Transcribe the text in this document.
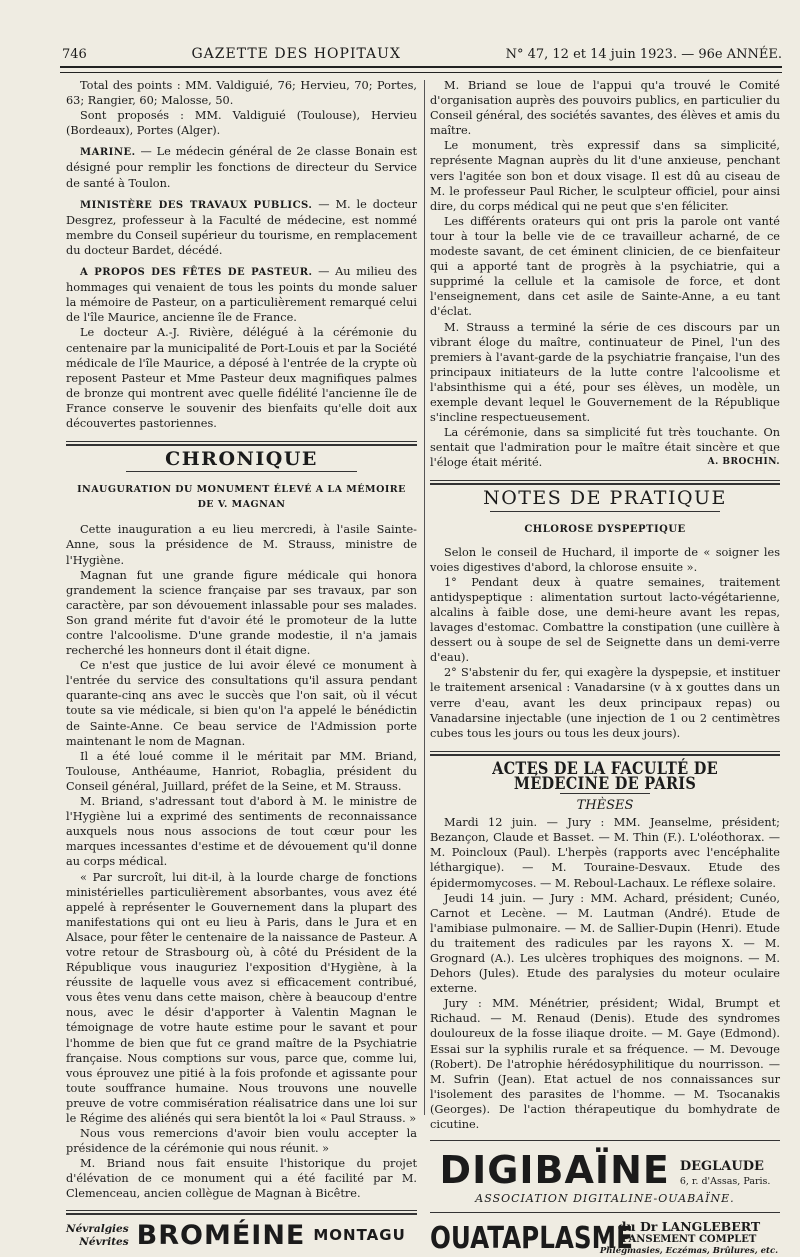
746	GAZETTE DES HOPITAUX	N° 47, 12 et 14 juin 1923. — 96e ANNÉE.

Total des points : MM. Valdiguié, 76; Hervieu, 70; Portes, 63; Rangier, 60; Malosse, 50.

Sont proposés : MM. Valdiguié (Toulouse), Hervieu (Bordeaux), Portes (Alger).

MARINE. — Le médecin général de 2e classe Bonain est désigné pour remplir les fonctions de directeur du Service de santé à Toulon.

MINISTÈRE DES TRAVAUX PUBLICS. — M. le docteur Desgrez, professeur à la Faculté de médecine, est nommé membre du Conseil supérieur du tourisme, en remplacement du docteur Bardet, décédé.

A PROPOS DES FÊTES DE PASTEUR. — Au milieu des hommages qui venaient de tous les points du monde saluer la mémoire de Pasteur, on a particulièrement remarqué celui de l'île Maurice, ancienne île de France.

Le docteur A.-J. Rivière, délégué à la cérémonie du centenaire par la municipalité de Port-Louis et par la Société médicale de l'île Maurice, a déposé à l'entrée de la crypte où reposent Pasteur et Mme Pasteur deux magnifiques palmes de bronze qui montrent avec quelle fidélité l'ancienne île de France conserve le souvenir des bienfaits qu'elle doit aux découvertes pastoriennes.

CHRONIQUE
INAUGURATION DU MONUMENT ÉLEVÉ A LA MÉMOIRE DE V. MAGNAN

Cette inauguration a eu lieu mercredi, à l'asile Sainte-Anne, sous la présidence de M. Strauss, ministre de l'Hygiène.

Magnan fut une grande figure médicale qui honora grandement la science française par ses travaux, par son caractère, par son dévouement inlassable pour ses malades. Son grand mérite fut d'avoir été le promoteur de la lutte contre l'alcoolisme. D'une grande modestie, il n'a jamais recherché les honneurs dont il était digne.

Ce n'est que justice de lui avoir élevé ce monument à l'entrée du service des consultations qu'il assura pendant quarante-cinq ans avec le succès que l'on sait, où il vécut toute sa vie médicale, si bien qu'on l'a appelé le bénédictin de Sainte-Anne. Ce beau service de l'Admission porte maintenant le nom de Magnan.

Il a été loué comme il le méritait par MM. Briand, Toulouse, Anthéaume, Hanriot, Robaglia, président du Conseil général, Juillard, préfet de la Seine, et M. Strauss.

M. Briand, s'adressant tout d'abord à M. le ministre de l'Hygiène lui a exprimé des sentiments de reconnaissance auxquels nous nous associons de tout cœur pour les marques incessantes d'estime et de dévouement qu'il donne au corps médical.

« Par surcroît, lui dit-il, à la lourde charge de fonctions ministérielles particulièrement absorbantes, vous avez été appelé à représenter le Gouvernement dans la plupart des manifestations qui ont eu lieu à Paris, dans le Jura et en Alsace, pour fêter le centenaire de la naissance de Pasteur. A votre retour de Strasbourg où, à côté du Président de la République vous inauguriez l'exposition d'Hygiène, à la réussite de laquelle vous avez si efficacement contribué, vous êtes venu dans cette maison, chère à beaucoup d'entre nous, avec le désir d'apporter à Valentin Magnan le témoignage de votre haute estime pour le savant et pour l'homme de bien que fut ce grand maître de la Psychiatrie française. Nous comptions sur vous, parce que, comme lui, vous éprouvez une pitié à la fois profonde et agissante pour toute souffrance humaine. Nous trouvons une nouvelle preuve de votre commisération réalisatrice dans une loi sur le Régime des aliénés qui sera bientôt la loi « Paul Strauss. »

Nous vous remercions d'avoir bien voulu accepter la présidence de la cérémonie qui nous réunit. »

M. Briand nous fait ensuite l'historique du projet d'élévation de ce monument qui a été facilité par M. Clemenceau, ancien collègue de Magnan à Bicêtre.

Névralgies
Névrites BROMÉINE MONTAGU

M. Briand se loue de l'appui qu'a trouvé le Comité d'organisation auprès des pouvoirs publics, en particulier du Conseil général, des sociétés savantes, des élèves et amis du maître.

Le monument, très expressif dans sa simplicité, représente Magnan auprès du lit d'une anxieuse, penchant vers l'agitée son bon et doux visage. Il est dû au ciseau de M. le professeur Paul Richer, le sculpteur officiel, pour ainsi dire, du corps médical qui ne peut que s'en féliciter.

Les différents orateurs qui ont pris la parole ont vanté tour à tour la belle vie de ce travailleur acharné, de ce modeste savant, de cet éminent clinicien, de ce bienfaiteur qui a apporté tant de progrès à la psychiatrie, qui a supprimé la cellule et la camisole de force, et dont l'enseignement, dans cet asile de Sainte-Anne, a eu tant d'éclat.

M. Strauss a terminé la série de ces discours par un vibrant éloge du maître, continuateur de Pinel, l'un des premiers à l'avant-garde de la psychiatrie française, l'un des principaux initiateurs de la lutte contre l'alcoolisme et l'absinthisme qui a été, pour ses élèves, un modèle, un exemple devant lequel le Gouvernement de la République s'incline respectueusement.

La cérémonie, dans sa simplicité fut très touchante. On sentait que l'admiration pour le maître était sincère et que l'éloge était mérité.	A. BROCHIN.

NOTES DE PRATIQUE
CHLOROSE DYSPEPTIQUE

Selon le conseil de Huchard, il importe de « soigner les voies digestives d'abord, la chlorose ensuite ».

1° Pendant deux à quatre semaines, traitement antidyspeptique : alimentation surtout lacto-végétarienne, alcalins à faible dose, une demi-heure avant les repas, lavages d'estomac. Combattre la constipation (une cuillère à dessert ou à soupe de sel de Seignette dans un demi-verre d'eau).

2° S'abstenir du fer, qui exagère la dyspepsie, et instituer le traitement arsenical : Vanadarsine (v à x gouttes dans un verre d'eau, avant les deux principaux repas) ou Vanadarsine injectable (une injection de 1 ou 2 centimètres cubes tous les jours ou tous les deux jours).

ACTES DE LA FACULTÉ DE MÉDECINE DE PARIS
THÈSES

Mardi 12 juin. — Jury : MM. Jeanselme, président; Bezançon, Claude et Basset. — M. Thin (F.). L'oléothorax. — M. Poincloux (Paul). L'herpès (rapports avec l'encéphalite léthargique). — M. Touraine-Desvaux. Etude des épidermomycoses. — M. Reboul-Lachaux. Le réflexe solaire.

Jeudi 14 juin. — Jury : MM. Achard, président; Cunéo, Carnot et Lecène. — M. Lautman (André). Etude de l'amibiase pulmonaire. — M. de Sallier-Dupin (Henri). Etude du traitement des radicules par les rayons X. — M. Grognard (A.). Les ulcères trophiques des moignons. — M. Dehors (Jules). Etude des paralysies du moteur oculaire externe.

Jury : MM. Ménétrier, président; Widal, Brumpt et Richaud. — M. Renaud (Denis). Etude des syndromes douloureux de la fosse iliaque droite. — M. Gaye (Edmond). Essai sur la syphilis rurale et sa fréquence. — M. Devouge (Robert). De l'atrophie hérédosyphilitique du nourrisson. — M. Sufrin (Jean). Etat actuel de nos connaissances sur l'isolement des parasites de l'homme. — M. Tsocanakis (Georges). De l'action thérapeutique du bomhydrate de cicutine.

DIGIBAÏNE DEGLAUDE
6, r. d'Assas, Paris.
ASSOCIATION DIGITALINE-OUABAÏNE.
OUATAPLASME
du Dr LANGLEBERT
PANSEMENT COMPLET
Phlegmasies, Eczémas, Brûlures, etc.
